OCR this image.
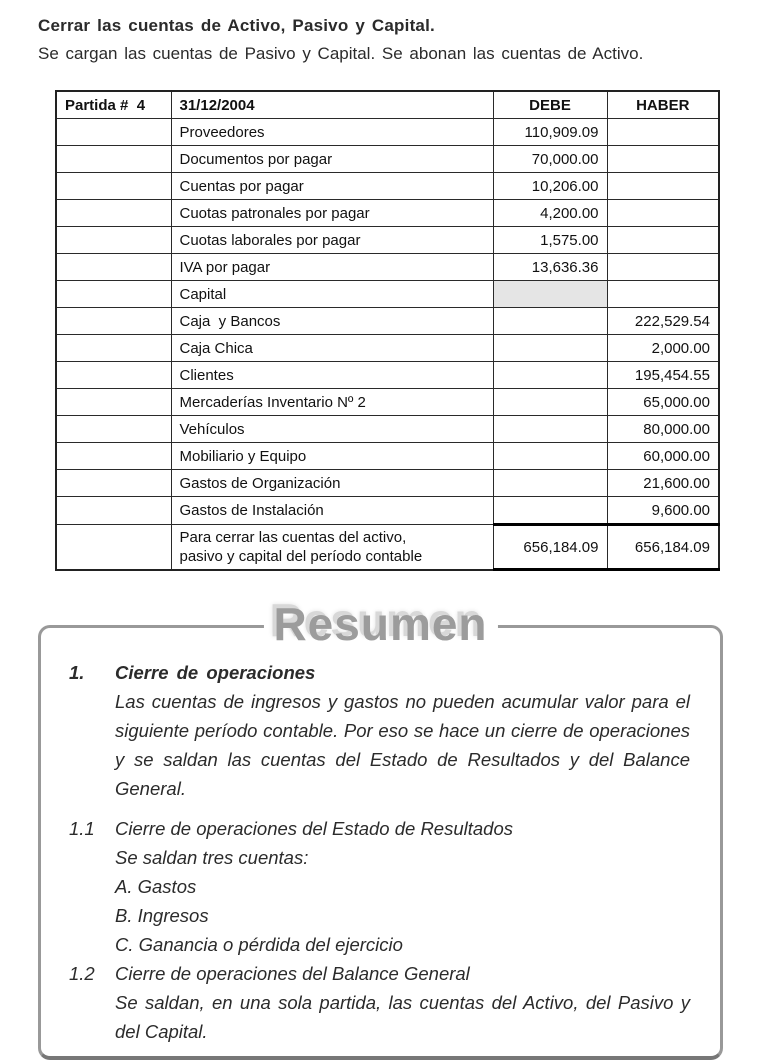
Cerrar las cuentas de Activo, Pasivo y Capital.
Se cargan las cuentas de Pasivo y Capital. Se abonan las cuentas de Activo.
Partida #  4	31/12/2004	DEBE	HABER
	Proveedores	110,909.09	
	Documentos por pagar	70,000.00	
	Cuentas por pagar	10,206.00	
	Cuotas patronales por pagar	4,200.00	
	Cuotas laborales por pagar	1,575.00	
	IVA por pagar	13,636.36	
	Capital		
	Caja  y Bancos		222,529.54
	Caja Chica		2,000.00
	Clientes		195,454.55
	Mercaderías Inventario Nº 2		65,000.00
	Vehículos		80,000.00
	Mobiliario y Equipo		60,000.00
	Gastos de Organización		21,600.00
	Gastos de Instalación		9,600.00
	Para cerrar las cuentas del activo, pasivo y capital del período contable	656,184.09	656,184.09
Resumen
1.	Cierre de operaciones
Las cuentas de ingresos y gastos no pueden acumular valor para el siguiente período contable. Por eso se hace un cierre de operaciones y se saldan las cuentas del Estado de Resultados y del Balance General.
1.1	Cierre de operaciones del Estado de Resultados
Se saldan tres cuentas:
A. Gastos
B. Ingresos
C. Ganancia o pérdida del ejercicio
1.2	Cierre de operaciones del Balance General
Se saldan, en una sola partida, las cuentas del Activo, del Pasivo y del Capital.
